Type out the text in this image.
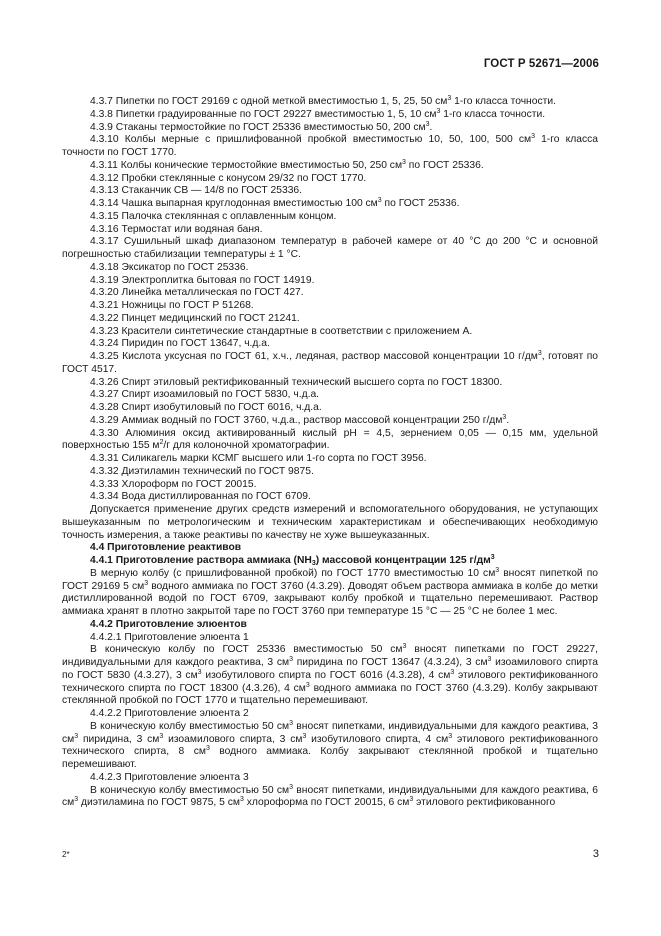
ГОСТ Р 52671—2006

4.3.7 Пипетки по ГОСТ 29169 с одной меткой вместимостью 1, 5, 25, 50 $см^3$ 1-го класса точности.

4.3.8 Пипетки градуированные по ГОСТ 29227 вместимостью 1, 5, 10 $см^3$ 1-го класса точности.

4.3.9 Стаканы термостойкие по ГОСТ 25336 вместимостью 50, 200 $см^3$.

4.3.10 Колбы мерные с пришлифованной пробкой вместимостью 10, 50, 100, 500 $см^3$ 1-го класса точности по ГОСТ 1770.

4.3.11 Колбы конические термостойкие вместимостью 50, 250 $см^3$ по ГОСТ 25336.

4.3.12 Пробки стеклянные с конусом 29/32 по ГОСТ 1770.

4.3.13 Стаканчик СВ — 14/8 по ГОСТ 25336.

4.3.14 Чашка выпарная круглодонная вместимостью 100 $см^3$ по ГОСТ 25336.

4.3.15 Палочка стеклянная с оплавленным концом.

4.3.16 Термостат или водяная баня.

4.3.17 Сушильный шкаф диапазоном температур в рабочей камере от 40 °С до 200 °С и основной погрешностью стабилизации температуры ± 1 °С.

4.3.18 Эксикатор по ГОСТ 25336.

4.3.19 Электроплитка бытовая по ГОСТ 14919.

4.3.20 Линейка металлическая по ГОСТ 427.

4.3.21 Ножницы по ГОСТ Р 51268.

4.3.22 Пинцет медицинский по ГОСТ 21241.

4.3.23 Красители синтетические стандартные в соответствии с приложением А.

4.3.24 Пиридин по ГОСТ 13647, ч.д.а.

4.3.25 Кислота уксусная по ГОСТ 61, х.ч., ледяная, раствор массовой концентрации 10 $г/дм^3$, готовят по ГОСТ 4517.

4.3.26 Спирт этиловый ректификованный технический высшего сорта по ГОСТ 18300.

4.3.27 Спирт изоамиловый по ГОСТ 5830, ч.д.а.

4.3.28 Спирт изобутиловый по ГОСТ 6016, ч.д.а.

4.3.29 Аммиак водный по ГОСТ 3760, ч.д.а., раствор массовой концентрации 250 $г/дм^3$.

4.3.30 Алюминия оксид активированный кислый pH = 4,5, зернением 0,05 — 0,15 мм, удельной поверхностью 155 $м^2/г$ для колоночной хроматографии.

4.3.31 Силикагель марки КСМГ высшего или 1-го сорта по ГОСТ 3956.

4.3.32 Диэтиламин технический по ГОСТ 9875.

4.3.33 Хлороформ по ГОСТ 20015.

4.3.34 Вода дистиллированная по ГОСТ 6709.

Допускается применение других средств измерений и вспомогательного оборудования, не уступающих вышеуказанным по метрологическим и техническим характеристикам и обеспечивающих необходимую точность измерения, а также реактивы по качеству не хуже вышеуказанных.

4.4 Приготовление реактивов

4.4.1 Приготовление раствора аммиака $(NH_3)$ массовой концентрации 125 $г/дм^3$

В мерную колбу (с пришлифованной пробкой) по ГОСТ 1770 вместимостью 10 $см^3$ вносят пипеткой по ГОСТ 29169 5 $см^3$ водного аммиака по ГОСТ 3760 (4.3.29). Доводят объем раствора аммиака в колбе до метки дистиллированной водой по ГОСТ 6709, закрывают колбу пробкой и тщательно перемешивают. Раствор аммиака хранят в плотно закрытой таре по ГОСТ 3760 при температуре 15 °С — 25 °С не более 1 мес.

4.4.2 Приготовление элюентов

4.4.2.1 Приготовление элюента 1

В коническую колбу по ГОСТ 25336 вместимостью 50 $см^3$ вносят пипетками по ГОСТ 29227, индивидуальными для каждого реактива, 3 $см^3$ пиридина по ГОСТ 13647 (4.3.24), 3 $см^3$ изоамилового спирта по ГОСТ 5830 (4.3.27), 3 $см^3$ изобутилового спирта по ГОСТ 6016 (4.3.28), 4 $см^3$ этилового ректификованного технического спирта по ГОСТ 18300 (4.3.26), 4 $см^3$ водного аммиака по ГОСТ 3760 (4.3.29). Колбу закрывают стеклянной пробкой по ГОСТ 1770 и тщательно перемешивают.

4.4.2.2 Приготовление элюента 2

В коническую колбу вместимостью 50 $см^3$ вносят пипетками, индивидуальными для каждого реактива, 3 $см^3$ пиридина, 3 $см^3$ изоамилового спирта, 3 $см^3$ изобутилового спирта, 4 $см^3$ этилового ректификованного технического спирта, 8 $см^3$ водного аммиака. Колбу закрывают стеклянной пробкой и тщательно перемешивают.

4.4.2.3 Приготовление элюента 3

В коническую колбу вместимостью 50 $см^3$ вносят пипетками, индивидуальными для каждого реактива, 6 $см^3$ диэтиламина по ГОСТ 9875, 5 $см^3$ хлороформа по ГОСТ 20015, 6 $см^3$ этилового ректификованного

2*	3
